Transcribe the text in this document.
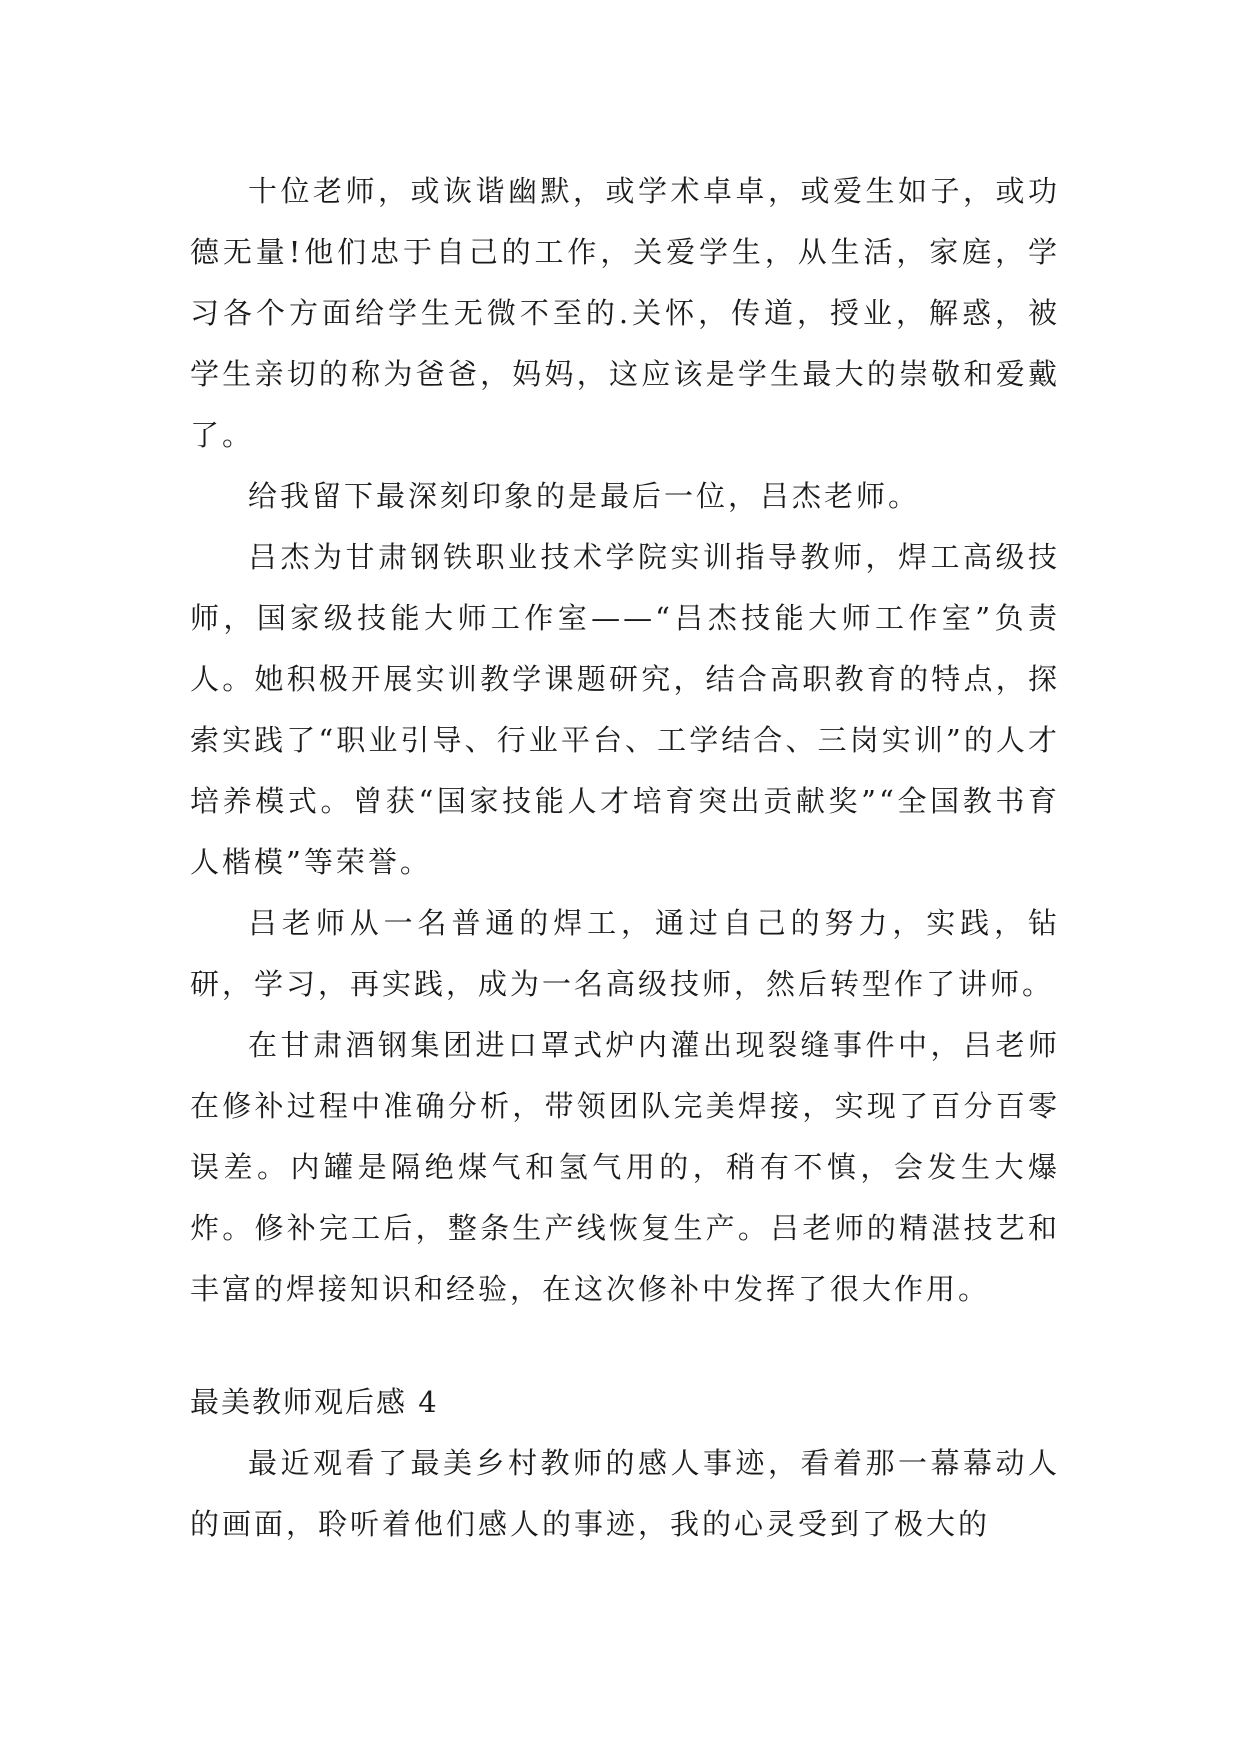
十位老师，或诙谐幽默，或学术卓卓，或爱生如子，或功德无量!他们忠于自己的工作，关爱学生，从生活，家庭，学习各个方面给学生无微不至的.关怀，传道，授业，解惑，被学生亲切的称为爸爸，妈妈，这应该是学生最大的崇敬和爱戴了。

给我留下最深刻印象的是最后一位，吕杰老师。

吕杰为甘肃钢铁职业技术学院实训指导教师，焊工高级技师，国家级技能大师工作室——“吕杰技能大师工作室”负责人。她积极开展实训教学课题研究，结合高职教育的特点，探索实践了“职业引导、行业平台、工学结合、三岗实训”的人才培养模式。曾获“国家技能人才培育突出贡献奖”“全国教书育人楷模”等荣誉。

吕老师从一名普通的焊工，通过自己的努力，实践，钻研，学习，再实践，成为一名高级技师，然后转型作了讲师。

在甘肃酒钢集团进口罩式炉内灌出现裂缝事件中，吕老师在修补过程中准确分析，带领团队完美焊接，实现了百分百零误差。内罐是隔绝煤气和氢气用的，稍有不慎，会发生大爆炸。修补完工后，整条生产线恢复生产。吕老师的精湛技艺和丰富的焊接知识和经验，在这次修补中发挥了很大作用。

最美教师观后感 4

最近观看了最美乡村教师的感人事迹，看着那一幕幕动人的画面，聆听着他们感人的事迹，我的心灵受到了极大的
